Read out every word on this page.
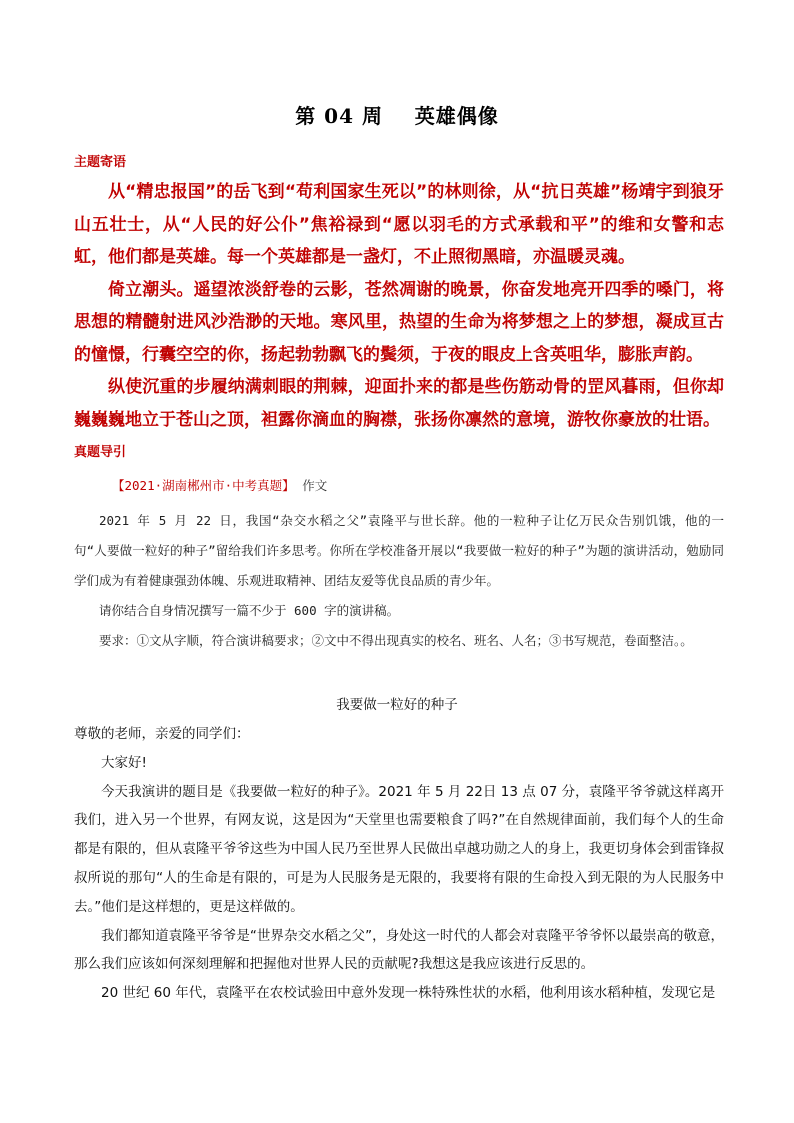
第 04 周    英雄偶像
主题寄语

从“精忠报国”的岳飞到“苟利国家生死以”的林则徐，从“抗日英雄”杨靖宇到狼牙山五壮士，从“人民的好公仆”焦裕禄到“愿以羽毛的方式承载和平”的维和女警和志虹，他们都是英雄。每一个英雄都是一盏灯，不止照彻黑暗，亦温暖灵魂。

倚立潮头。遥望浓淡舒卷的云影，苍然凋谢的晚景，你奋发地亮开四季的嗓门，将思想的精髓射进风沙浩渺的天地。寒风里，热望的生命为将梦想之上的梦想，凝成亘古的憧憬，行囊空空的你，扬起勃勃飘飞的鬓须，于夜的眼皮上含英咀华，膨胀声韵。

纵使沉重的步履纳满刺眼的荆棘，迎面扑来的都是些伤筋动骨的罡风暮雨，但你却巍巍巍地立于苍山之顶，袒露你滴血的胸襟，张扬你凛然的意境，游牧你豪放的壮语。

真题导引
【2021·湖南郴州市·中考真题】 作文

2021 年 5 月 22 日，我国“杂交水稻之父”袁隆平与世长辞。他的一粒种子让亿万民众告别饥饿，他的一句“人要做一粒好的种子”留给我们许多思考。你所在学校准备开展以“我要做一粒好的种子”为题的演讲活动，勉励同学们成为有着健康强劲体魄、乐观进取精神、团结友爱等优良品质的青少年。

请你结合自身情况撰写一篇不少于 600 字的演讲稿。

要求：①文从字顺，符合演讲稿要求；②文中不得出现真实的校名、班名、人名；③书写规范，卷面整洁。。

我要做一粒好的种子

尊敬的老师，亲爱的同学们：

大家好!

今天我演讲的题目是《我要做一粒好的种子》。2021 年 5 月 22日 13 点 07 分，袁隆平爷爷就这样离开我们，进入另一个世界，有网友说，这是因为“天堂里也需要粮食了吗?”在自然规律面前，我们每个人的生命都是有限的，但从袁隆平爷爷这些为中国人民乃至世界人民做出卓越功勋之人的身上，我更切身体会到雷锋叔叔所说的那句“人的生命是有限的，可是为人民服务是无限的，我要将有限的生命投入到无限的为人民服务中去。”他们是这样想的，更是这样做的。

我们都知道袁隆平爷爷是“世界杂交水稻之父”，身处这一时代的人都会对袁隆平爷爷怀以最崇高的敬意，那么我们应该如何深刻理解和把握他对世界人民的贡献呢?我想这是我应该进行反思的。

20 世纪 60 年代，袁隆平在农校试验田中意外发现一株特殊性状的水稻，他利用该水稻种植，发现它是
